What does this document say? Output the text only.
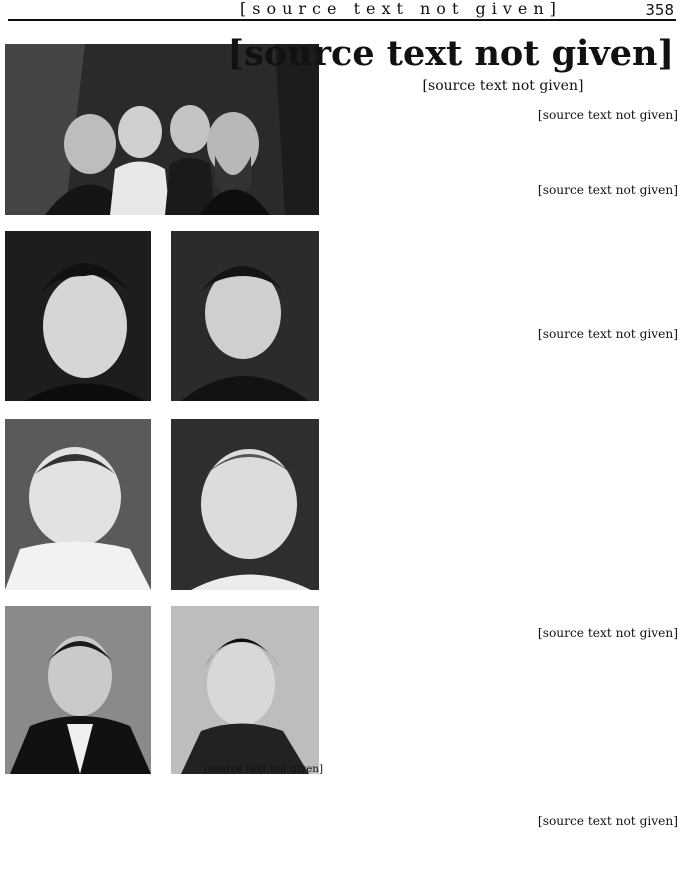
[source text not given]	358
[source text not given]
[source text not given]
[source text not given]
[source text not given]
[source text not given]
[source text not given]
[source text not given]
[source text not given]
